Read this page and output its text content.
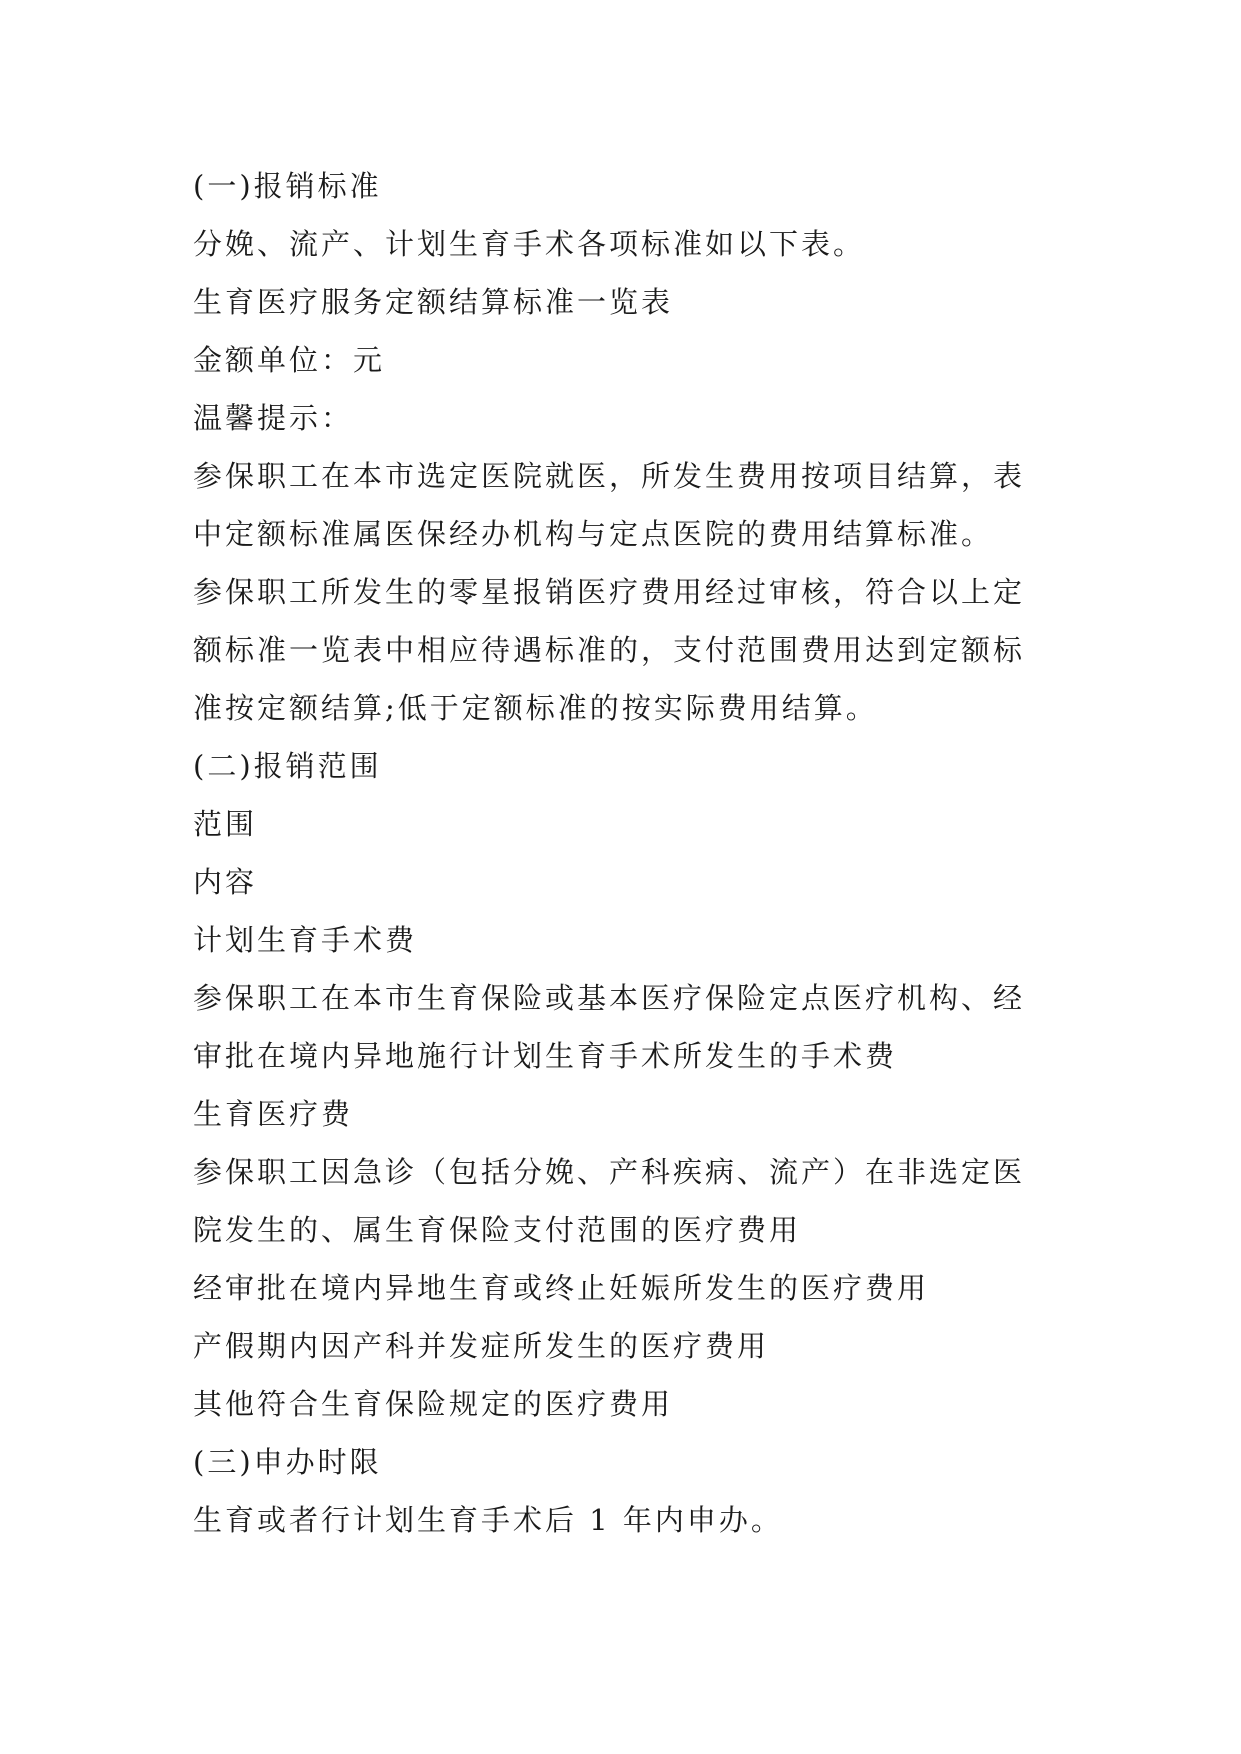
(一)报销标准

分娩、流产、计划生育手术各项标准如以下表。

生育医疗服务定额结算标准一览表

金额单位：元

温馨提示：

参保职工在本市选定医院就医，所发生费用按项目结算，表

中定额标准属医保经办机构与定点医院的费用结算标准。

参保职工所发生的零星报销医疗费用经过审核，符合以上定

额标准一览表中相应待遇标准的，支付范围费用达到定额标

准按定额结算;低于定额标准的按实际费用结算。

(二)报销范围

范围

内容

计划生育手术费

参保职工在本市生育保险或基本医疗保险定点医疗机构、经

审批在境内异地施行计划生育手术所发生的手术费

生育医疗费

参保职工因急诊（包括分娩、产科疾病、流产）在非选定医

院发生的、属生育保险支付范围的医疗费用

经审批在境内异地生育或终止妊娠所发生的医疗费用

产假期内因产科并发症所发生的医疗费用

其他符合生育保险规定的医疗费用

(三)申办时限

生育或者行计划生育手术后 1 年内申办。
